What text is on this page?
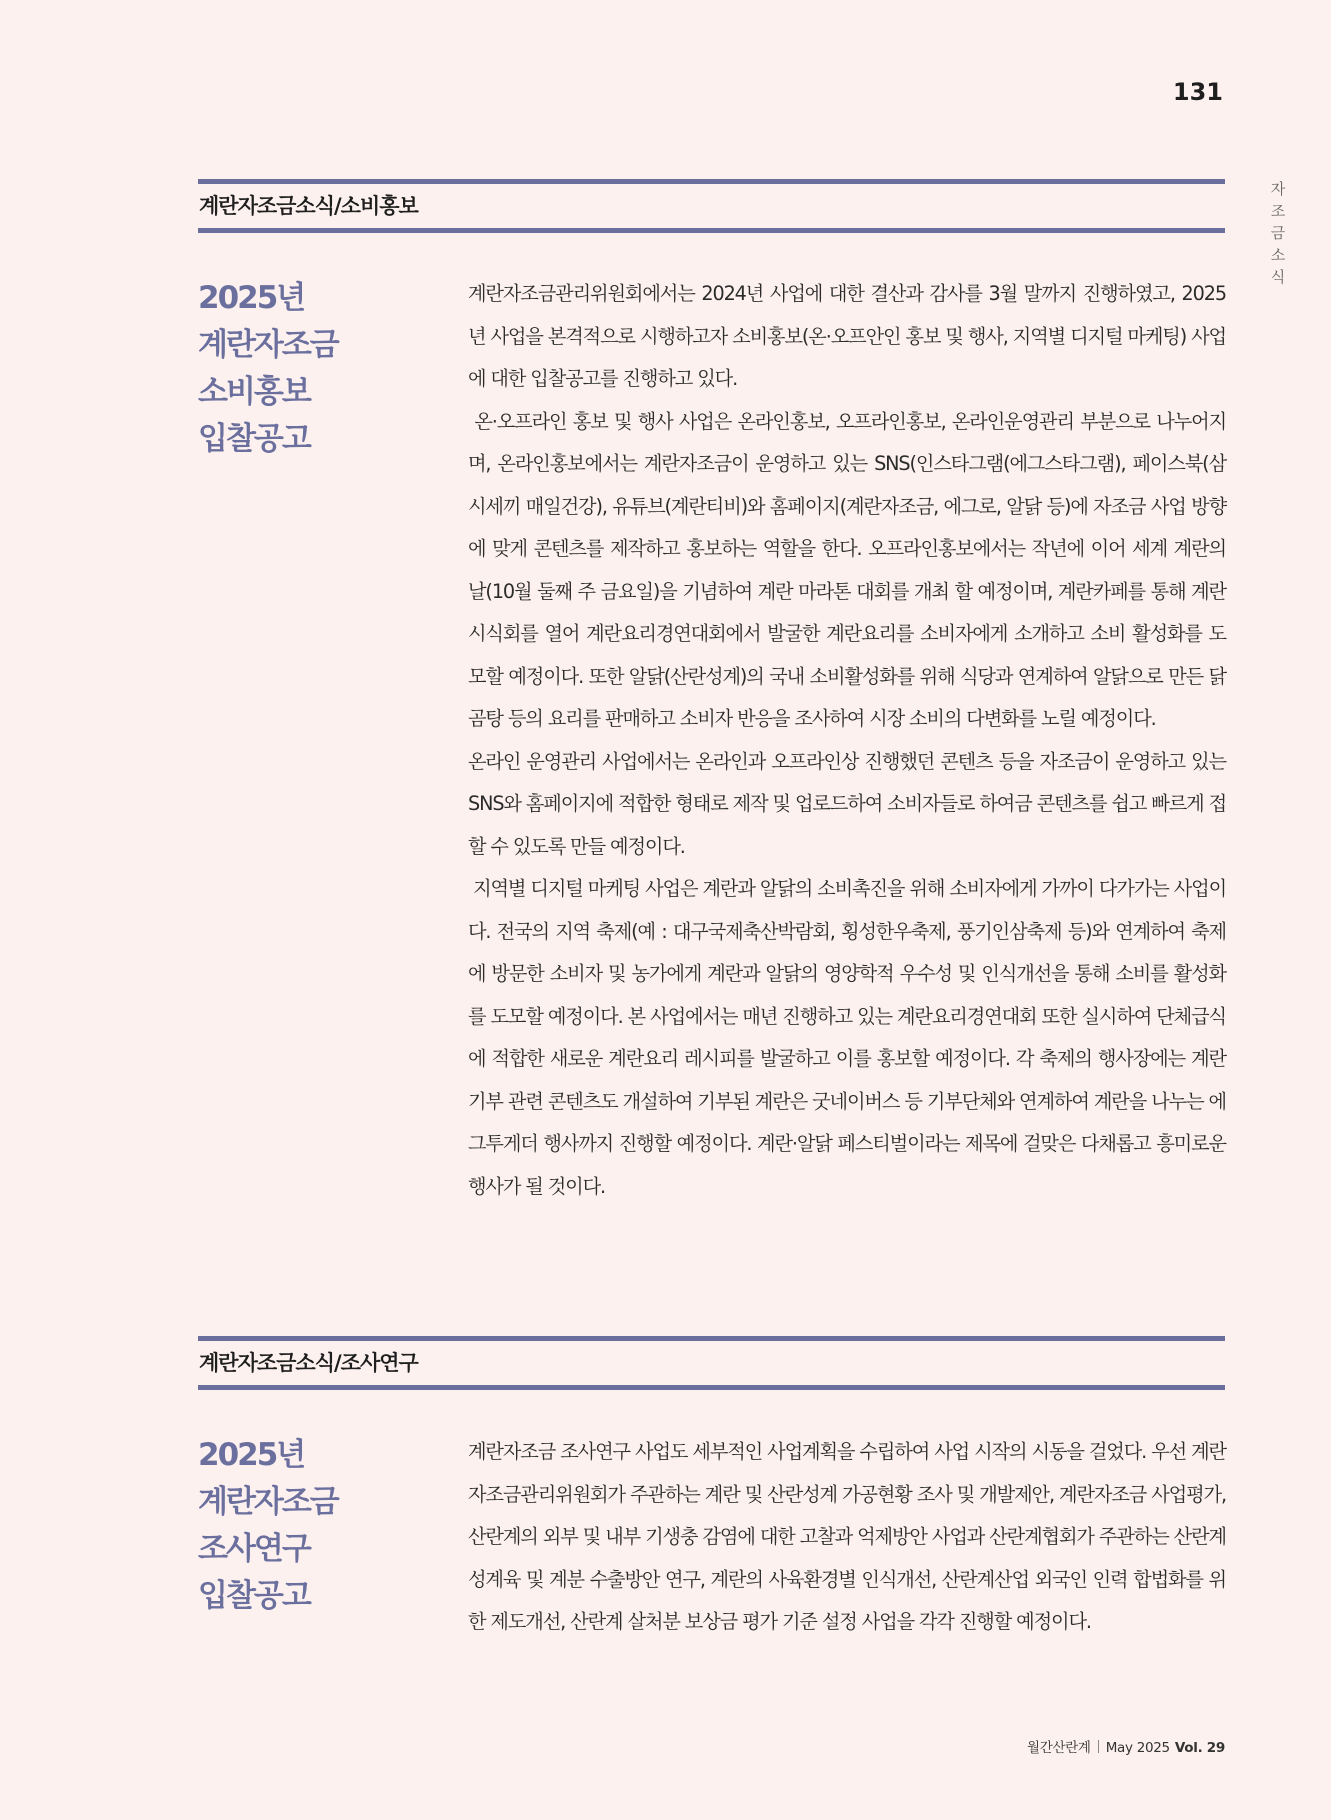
131
자조금 소식
계란자조금소식/소비홍보
2025년
계란자조금
소비홍보
입찰공고

계란자조금관리위원회에서는 2024년 사업에 대한 결산과 감사를 3월 말까지 진행하였고, 2025년 사업을 본격적으로 시행하고자 소비홍보(온·오프안인 홍보 및 행사, 지역별 디지털 마케팅) 사업에 대한 입찰공고를 진행하고 있다.

온·오프라인 홍보 및 행사 사업은 온라인홍보, 오프라인홍보, 온라인운영관리 부분으로 나누어지며, 온라인홍보에서는 계란자조금이 운영하고 있는 SNS(인스타그램(에그스타그램), 페이스북(삼시세끼 매일건강), 유튜브(계란티비)와 홈페이지(계란자조금, 에그로, 알닭 등)에 자조금 사업 방향에 맞게 콘텐츠를 제작하고 홍보하는 역할을 한다. 오프라인홍보에서는 작년에 이어 세계 계란의 날(10월 둘째 주 금요일)을 기념하여 계란 마라톤 대회를 개최 할 예정이며, 계란카페를 통해 계란시식회를 열어 계란요리경연대회에서 발굴한 계란요리를 소비자에게 소개하고 소비 활성화를 도모할 예정이다. 또한 알닭(산란성계)의 국내 소비활성화를 위해 식당과 연계하여 알닭으로 만든 닭곰탕 등의 요리를 판매하고 소비자 반응을 조사하여 시장 소비의 다변화를 노릴 예정이다.

온라인 운영관리 사업에서는 온라인과 오프라인상 진행했던 콘텐츠 등을 자조금이 운영하고 있는 SNS와 홈페이지에 적합한 형태로 제작 및 업로드하여 소비자들로 하여금 콘텐츠를 쉽고 빠르게 접할 수 있도록 만들 예정이다.

지역별 디지털 마케팅 사업은 계란과 알닭의 소비촉진을 위해 소비자에게 가까이 다가가는 사업이다. 전국의 지역 축제(예 : 대구국제축산박람회, 횡성한우축제, 풍기인삼축제 등)와 연계하여 축제에 방문한 소비자 및 농가에게 계란과 알닭의 영양학적 우수성 및 인식개선을 통해 소비를 활성화를 도모할 예정이다. 본 사업에서는 매년 진행하고 있는 계란요리경연대회 또한 실시하여 단체급식에 적합한 새로운 계란요리 레시피를 발굴하고 이를 홍보할 예정이다. 각 축제의 행사장에는 계란기부 관련 콘텐츠도 개설하여 기부된 계란은 굿네이버스 등 기부단체와 연계하여 계란을 나누는 에그투게더 행사까지 진행할 예정이다. 계란·알닭 페스티벌이라는 제목에 걸맞은 다채롭고 흥미로운 행사가 될 것이다.

계란자조금소식/조사연구
2025년
계란자조금
조사연구
입찰공고

계란자조금 조사연구 사업도 세부적인 사업계획을 수립하여 사업 시작의 시동을 걸었다. 우선 계란자조금관리위원회가 주관하는 계란 및 산란성계 가공현황 조사 및 개발제안, 계란자조금 사업평가, 산란계의 외부 및 내부 기생충 감염에 대한 고찰과 억제방안 사업과 산란계협회가 주관하는 산란계 성계육 및 계분 수출방안 연구, 계란의 사육환경별 인식개선, 산란계산업 외국인 인력 합법화를 위한 제도개선, 산란계 살처분 보상금 평가 기준 설정 사업을 각각 진행할 예정이다.

월간산란계 May 2025 Vol. 29
